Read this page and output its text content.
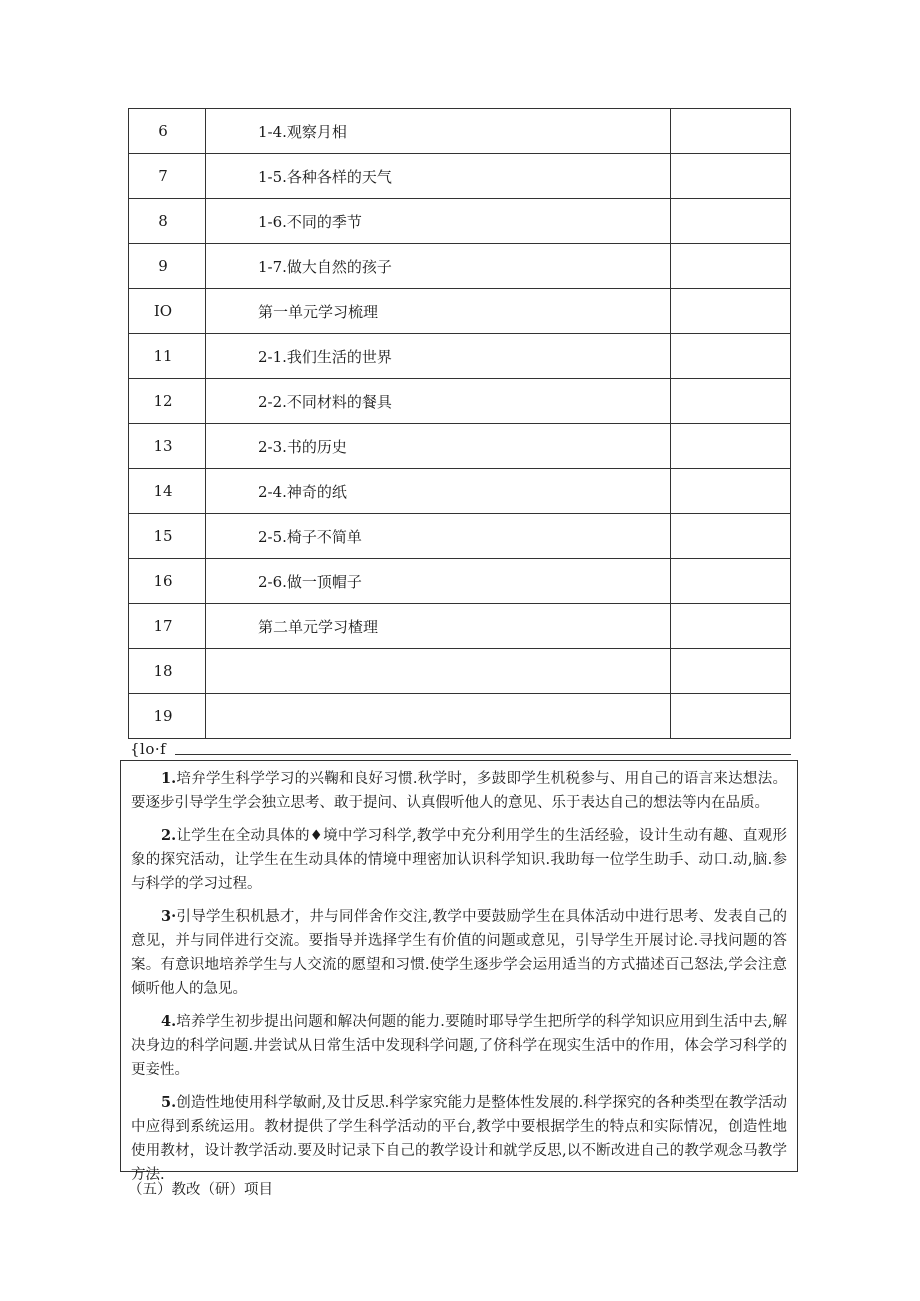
6	1-4.观察月相	
7	1-5.各种各样的天气	
8	1-6.不同的季节	
9	1-7.做大自然的孩子	
IO	第一单元学习梳理	
11	2-1.我们生活的世界	
12	2-2.不同材料的餐具	
13	2-3.书的历史	
14	2-4.神奇的纸	
15	2-5.椅子不简单	
16	2-6.做一顶帽子	
17	第二单元学习楂理	
18		
19		
{lo·f

1.培弁学生科学学习的兴鞠和良好习惯.秋学时，多鼓即学生机税参与、用自己的语言来达想法。要逐步引导学生学会独立思考、敢于提问、认真假听他人的意见、乐于表达自己的想法等内在品质。

2.让学生在全动具体的♦境中学习科学,教学中充分利用学生的生活经验，设计生动有趣、直观形象的探究活动，让学生在生动具体的情境中理密加认识科学知识.我助每一位学生助手、动口.动,脑.参与科学的学习过程。

3·引导学生积机悬才，井与同伴舍作交注,教学中要鼓励学生在具体活动中进行思考、发表自己的意见，并与同伴进行交流。要指导并选择学生有价值的问题或意见，引导学生开展讨论.寻找问题的答案。有意识地培养学生与人交流的愿望和习惯.使学生逐步学会运用适当的方式描述百己怒法,学会注意倾听他人的急见。

4.培养学生初步提出问题和解决何题的能力.要随时耶导学生把所学的科学知识应用到生活中去,解决身边的科学问题.井尝试从日常生活中发现科学问题,了侪科学在现实生活中的作用，体会学习科学的更妾性。

5.创造性地使用科学敏耐,及廿反思.科学家究能力是整体性发展的.科学探究的各种类型在教学活动中应得到系统运用。教材提供了学生科学活动的平台,教学中要根据学生的特点和实际情况，创造性地使用教材，设计教学活动.要及时记录下自己的教学设计和就学反思,以不断改进自己的教学观念马教学方法.

（五）教改（研）项目
